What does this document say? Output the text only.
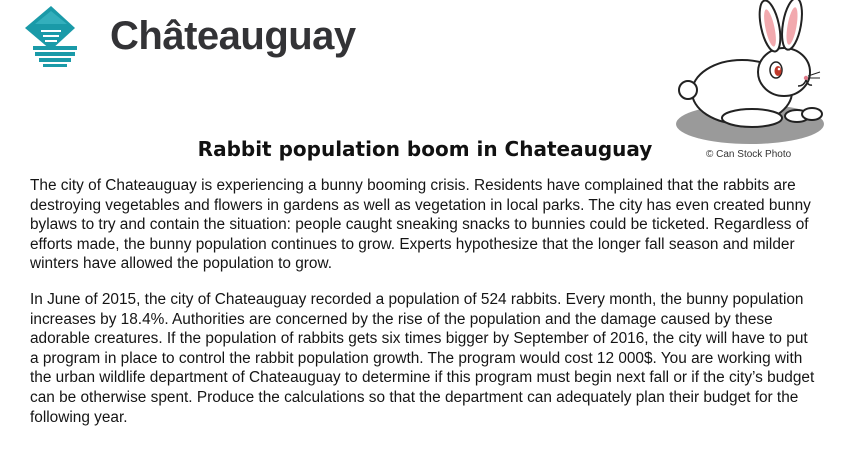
Châteauguay
© Can Stock Photo
Rabbit population boom in Chateauguay

The city of Chateauguay is experiencing a bunny booming crisis. Residents have complained that the rabbits are destroying vegetables and flowers in gardens as well as vegetation in local parks. The city has even created bunny bylaws to try and contain the situation: people caught sneaking snacks to bunnies could be ticketed. Regardless of efforts made, the bunny population continues to grow. Experts hypothesize that the longer fall season and milder winters have allowed the population to grow.

In June of 2015, the city of Chateauguay recorded a population of 524 rabbits. Every month, the bunny population increases by 18.4%. Authorities are concerned by the rise of the population and the damage caused by these adorable creatures. If the population of rabbits gets six times bigger by September of 2016, the city will have to put a program in place to control the rabbit population growth. The program would cost 12 000$. You are working with the urban wildlife department of Chateauguay to determine if this program must begin next fall or if the city’s budget can be otherwise spent. Produce the calculations so that the department can adequately plan their budget for the following year.
